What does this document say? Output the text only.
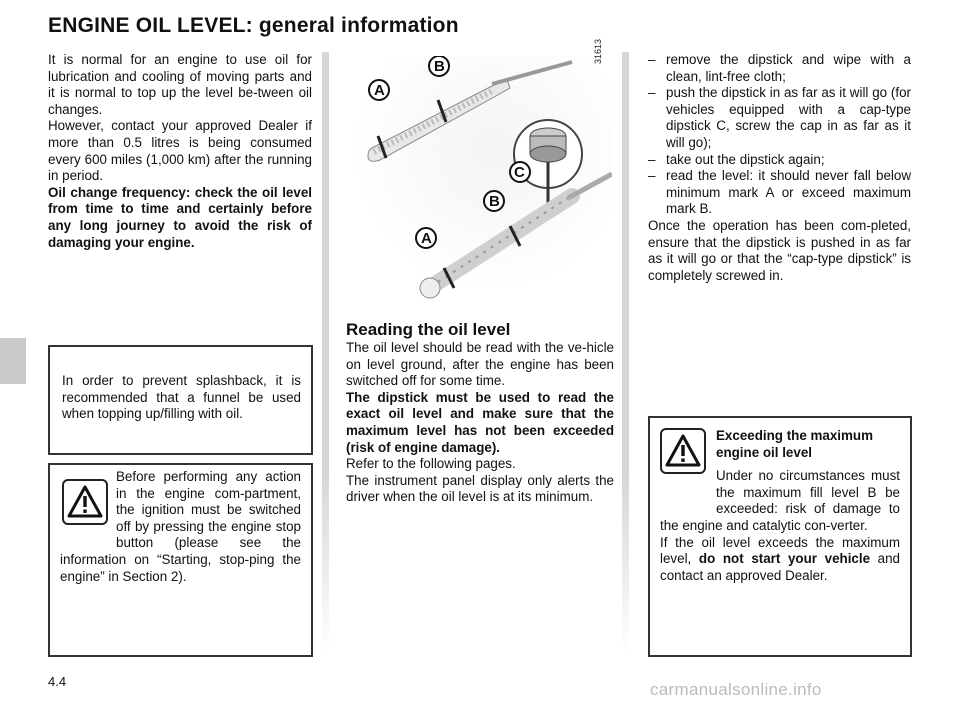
ENGINE OIL LEVEL: general information

It is normal for an engine to use oil for lubrication and cooling of moving parts and it is normal to top up the level be-tween oil changes.

However, contact your approved Dealer if more than 0.5 litres is being consumed every 600 miles (1,000 km) after the running in period.

Oil change frequency: check the oil level from time to time and certainly before any long journey to avoid the risk of damaging your engine.

In order to prevent splashback, it is recommended that a funnel be used when topping up/filling with oil.
Before performing any action in the engine com-partment, the ignition must be switched off by pressing the engine stop button (please see the information on “Starting, stop-ping the engine” in Section 2).
A
B
C
B
A
31613
Reading the oil level

The oil level should be read with the ve-hicle on level ground, after the engine has been switched off for some time.

The dipstick must be used to read the exact oil level and make sure that the maximum level has not been exceeded (risk of engine damage).

Refer to the following pages.

The instrument panel display only alerts the driver when the oil level is at its minimum.

– remove the dipstick and wipe with a clean, lint-free cloth;
– push the dipstick in as far as it will go (for vehicles equipped with a cap-type dipstick C, screw the cap in as far as it will go);
– take out the dipstick again;
– read the level: it should never fall below minimum mark A or exceed maximum mark B.

Once the operation has been com-pleted, ensure that the dipstick is pushed in as far as it will go or that the “cap-type dipstick” is completely screwed in.

Exceeding the maximum engine oil level
Under no circumstances must the maximum fill level B be exceeded: risk of damage to the engine and catalytic con-verter.
If the oil level exceeds the maximum level, do not start your vehicle and contact an approved Dealer.
4.4	carmanualsonline.info
